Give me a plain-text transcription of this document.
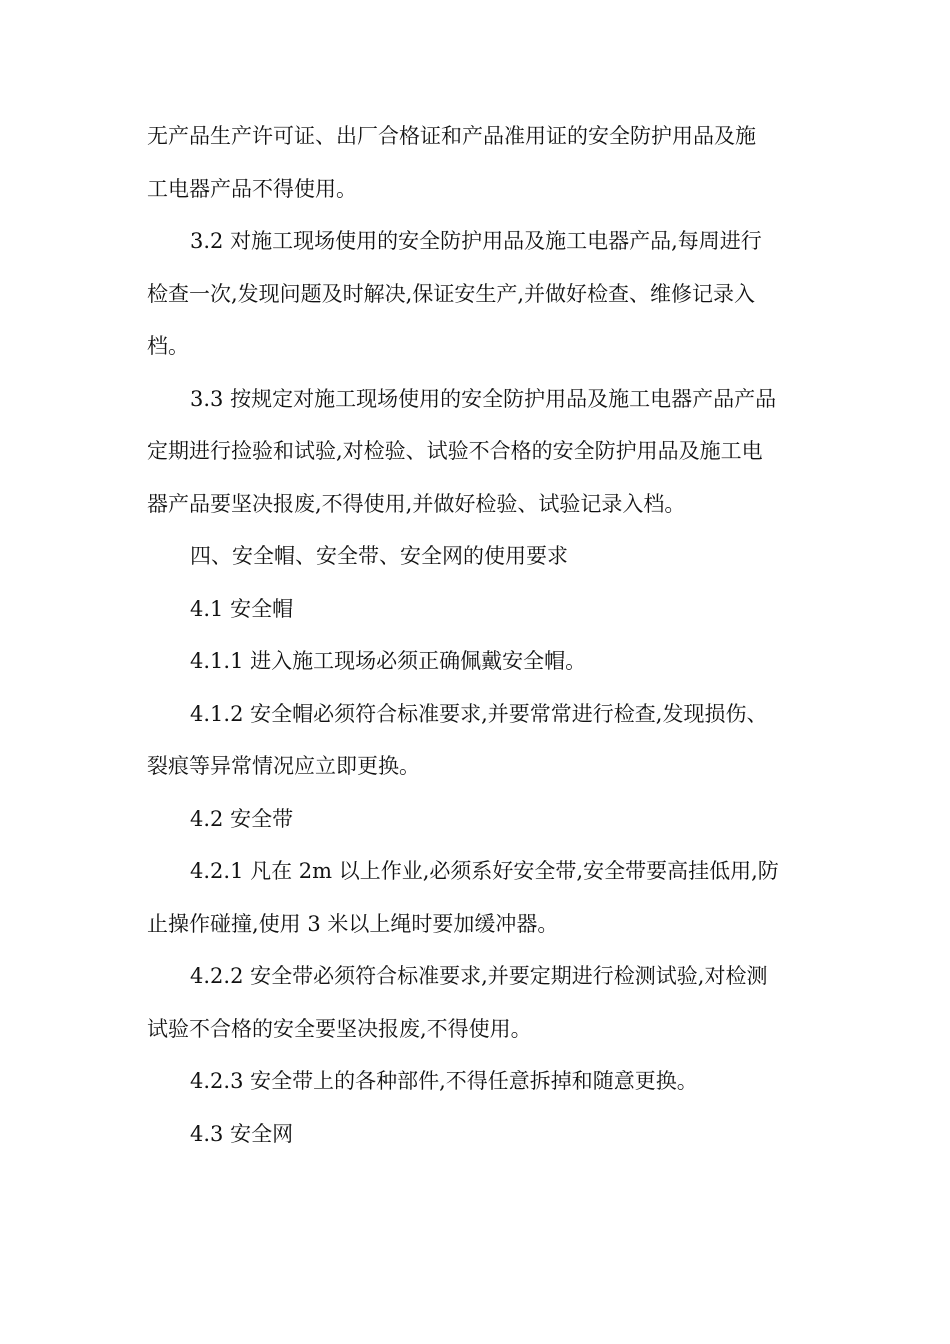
无产品生产许可证、出厂合格证和产品准用证的安全防护用品及施
工电器产品不得使用。
3.2 对施工现场使用的安全防护用品及施工电器产品,每周进行
检查一次,发现问题及时解决,保证安生产,并做好检查、维修记录入
档。
3.3 按规定对施工现场使用的安全防护用品及施工电器产品产品
定期进行捡验和试验,对检验、试验不合格的安全防护用品及施工电
器产品要坚决报废,不得使用,并做好检验、试验记录入档。
四、安全帽、安全带、安全网的使用要求
4.1 安全帽
4.1.1 进入施工现场必须正确佩戴安全帽。
4.1.2 安全帽必须符合标准要求,并要常常进行检查,发现损伤、
裂痕等异常情况应立即更换。
4.2 安全带
4.2.1 凡在 2m 以上作业,必须系好安全带,安全带要高挂低用,防
止操作碰撞,使用 3 米以上绳时要加缓冲器。
4.2.2 安全带必须符合标准要求,并要定期进行检测试验,对检测
试验不合格的安全要坚决报废,不得使用。
4.2.3 安全带上的各种部件,不得任意拆掉和随意更换。
4.3 安全网
